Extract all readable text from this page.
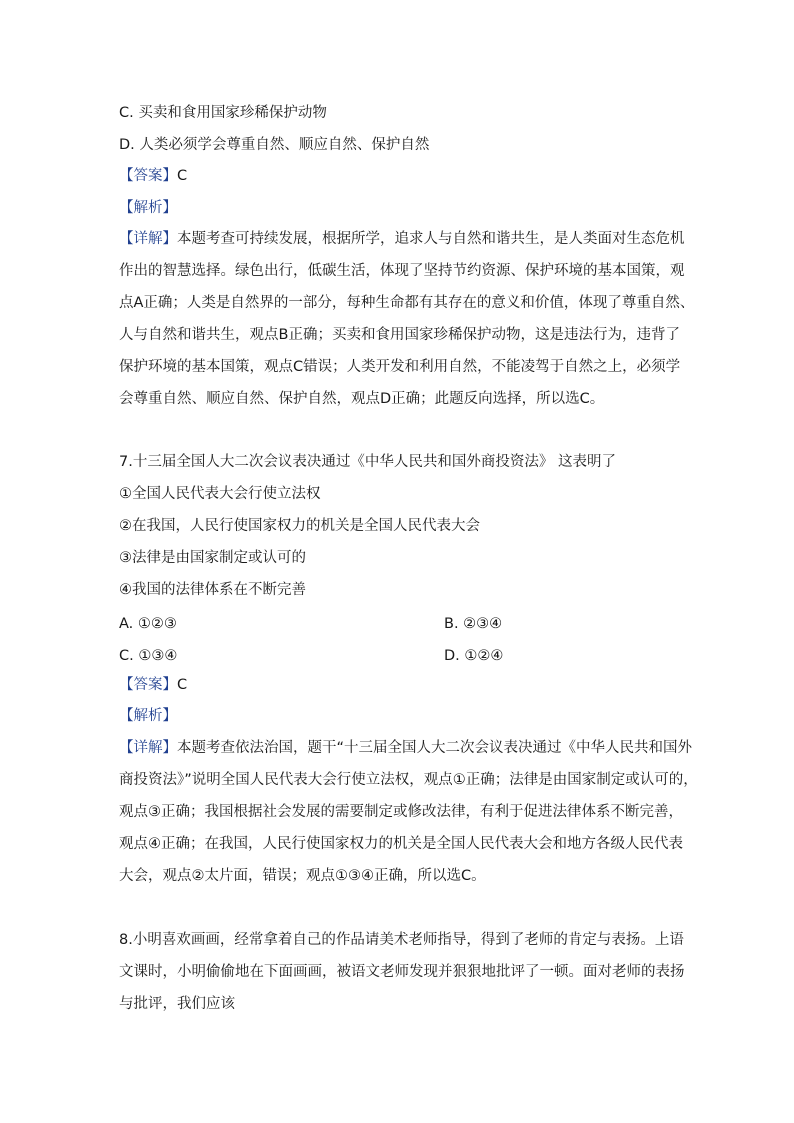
C. 买卖和食用国家珍稀保护动物
D. 人类必须学会尊重自然、顺应自然、保护自然
【答案】C
【解析】
【详解】本题考查可持续发展，根据所学，追求人与自然和谐共生，是人类面对生态危机
作出的智慧选择。绿色出行，低碳生活，体现了坚持节约资源、保护环境的基本国策，观
点A正确；人类是自然界的一部分，每种生命都有其存在的意义和价值，体现了尊重自然、
人与自然和谐共生，观点B正确；买卖和食用国家珍稀保护动物，这是违法行为，违背了
保护环境的基本国策，观点C错误；人类开发和利用自然，不能凌驾于自然之上，必须学
会尊重自然、顺应自然、保护自然，观点D正确；此题反向选择，所以选C。
7.十三届全国人大二次会议表决通过《中华人民共和国外商投资法》 这表明了
①全国人民代表大会行使立法权
②在我国，人民行使国家权力的机关是全国人民代表大会
③法律是由国家制定或认可的
④我国的法律体系在不断完善
A. ①②③	B. ②③④
C. ①③④	D. ①②④
【答案】C
【解析】
【详解】本题考查依法治国，题干“十三届全国人大二次会议表决通过《中华人民共和国外
商投资法》”说明全国人民代表大会行使立法权，观点①正确；法律是由国家制定或认可的，
观点③正确；我国根据社会发展的需要制定或修改法律，有利于促进法律体系不断完善，
观点④正确；在我国，人民行使国家权力的机关是全国人民代表大会和地方各级人民代表
大会，观点②太片面，错误；观点①③④正确，所以选C。
8.小明喜欢画画，经常拿着自己的作品请美术老师指导，得到了老师的肯定与表扬。上语
文课时，小明偷偷地在下面画画，被语文老师发现并狠狠地批评了一顿。面对老师的表扬
与批评，我们应该
